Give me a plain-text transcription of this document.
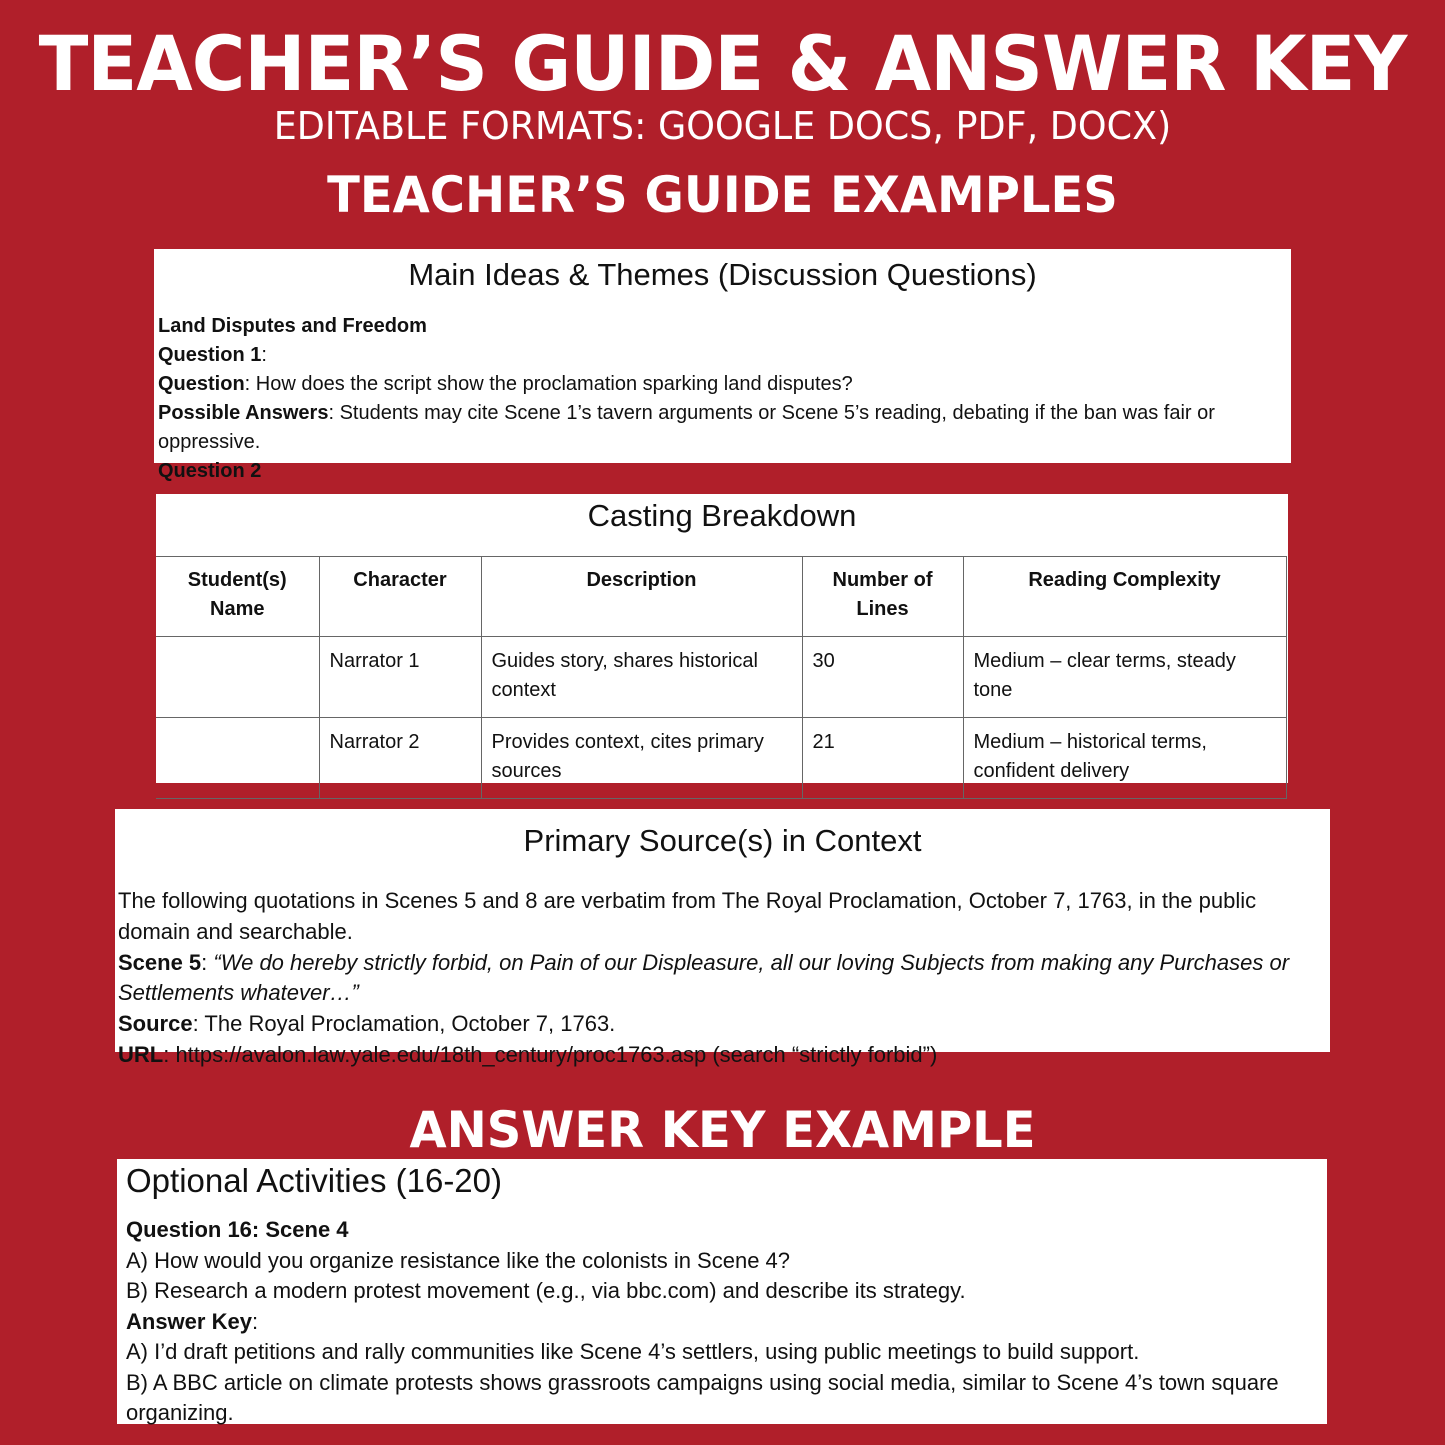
TEACHER’S GUIDE & ANSWER KEY
EDITABLE FORMATS: GOOGLE DOCS, PDF, DOCX)
TEACHER’S GUIDE EXAMPLES
Main Ideas & Themes (Discussion Questions)
Land Disputes and Freedom
Question 1:
Question: How does the script show the proclamation sparking land disputes?
Possible Answers: Students may cite Scene 1’s tavern arguments or Scene 5’s reading, debating if the ban was fair or oppressive.
Question 2
Casting Breakdown
Student(s) Name	Character	Description	Number of Lines	Reading Complexity
	Narrator 1	Guides story, shares historical context	30	Medium – clear terms, steady tone
	Narrator 2	Provides context, cites primary sources	21	Medium – historical terms, confident delivery
Primary Source(s) in Context
The following quotations in Scenes 5 and 8 are verbatim from The Royal Proclamation, October 7, 1763, in the public domain and searchable.
Scene 5: “We do hereby strictly forbid, on Pain of our Displeasure, all our loving Subjects from making any Purchases or Settlements whatever…”
Source: The Royal Proclamation, October 7, 1763.
URL: https://avalon.law.yale.edu/18th_century/proc1763.asp (search “strictly forbid”)
ANSWER KEY EXAMPLE
Optional Activities (16-20)
Question 16: Scene 4
A) How would you organize resistance like the colonists in Scene 4?
B) Research a modern protest movement (e.g., via bbc.com) and describe its strategy.
Answer Key:
A) I’d draft petitions and rally communities like Scene 4’s settlers, using public meetings to build support.
B) A BBC article on climate protests shows grassroots campaigns using social media, similar to Scene 4’s town square organizing.
